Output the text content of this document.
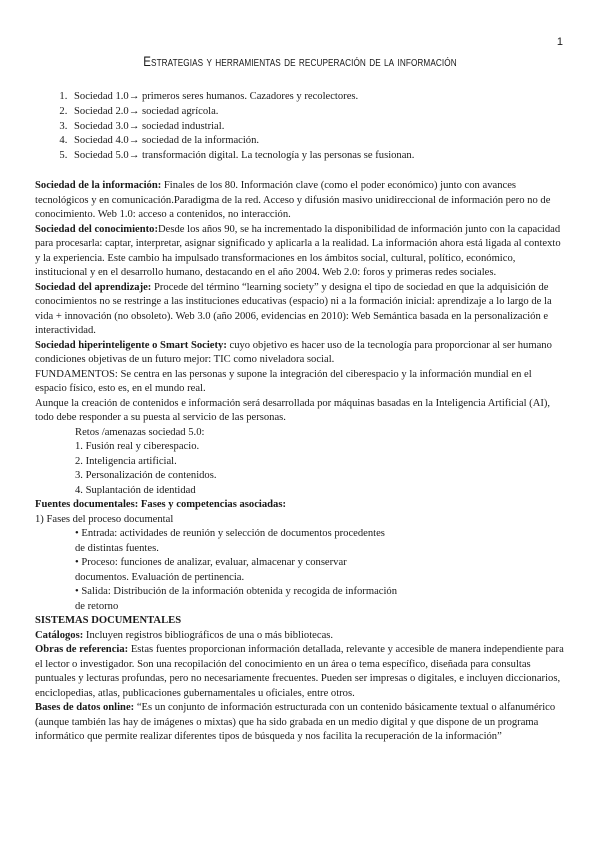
1
Estrategias y herramientas de recuperación de la información
1. Sociedad 1.0→ primeros seres humanos. Cazadores y recolectores.
2. Sociedad 2.0→ sociedad agrícola.
3. Sociedad 3.0→ sociedad industrial.
4. Sociedad 4.0→ sociedad de la información.
5. Sociedad 5.0→ transformación digital. La tecnología y las personas se fusionan.

Sociedad de la información: Finales de los 80. Información clave (como el poder económico) junto con avances tecnológicos y en comunicación.Paradigma de la red. Acceso y difusión masivo unidireccional de información pero no de conocimiento. Web 1.0: acceso a contenidos, no interacción.

Sociedad del conocimiento:Desde los años 90, se ha incrementado la disponibilidad de información junto con la capacidad para procesarla: captar, interpretar, asignar significado y aplicarla a la realidad. La información ahora está ligada al contexto y la experiencia. Este cambio ha impulsado transformaciones en los ámbitos social, cultural, político, económico, institucional y en el desarrollo humano, destacando en el año 2004. Web 2.0: foros y primeras redes sociales.

Sociedad del aprendizaje: Procede del término “learning society” y designa el tipo de sociedad en que la adquisición de conocimientos no se restringe a las instituciones educativas (espacio) ni a la formación inicial: aprendizaje a lo largo de la vida + innovación (no obsoleto). Web 3.0 (año 2006, evidencias en 2010): Web Semántica basada en la personalización e interactividad.

Sociedad hiperinteligente o Smart Society: cuyo objetivo es hacer uso de la tecnología para proporcionar al ser humano condiciones objetivas de un futuro mejor: TIC como niveladora social.

FUNDAMENTOS: Se centra en las personas y supone la integración del ciberespacio y la información mundial en el espacio físico, esto es, en el mundo real.

Aunque la creación de contenidos e información será desarrollada por máquinas basadas en la Inteligencia Artificial (AI), todo debe responder a su puesta al servicio de las personas.

Retos /amenazas sociedad 5.0:

1. Fusión real y ciberespacio.

2. Inteligencia artificial.

3. Personalización de contenidos.

4. Suplantación de identidad

Fuentes documentales: Fases y competencias asociadas:

1) Fases del proceso documental

• Entrada: actividades de reunión y selección de documentos procedentes

de distintas fuentes.

• Proceso: funciones de analizar, evaluar, almacenar y conservar

documentos. Evaluación de pertinencia.

• Salida: Distribución de la información obtenida y recogida de información

de retorno

SISTEMAS DOCUMENTALES

Catálogos: Incluyen registros bibliográficos de una o más bibliotecas.

Obras de referencia: Estas fuentes proporcionan información detallada, relevante y accesible de manera independiente para el lector o investigador. Son una recopilación del conocimiento en un área o tema específico, diseñada para consultas puntuales y lecturas profundas, pero no necesariamente frecuentes. Pueden ser impresas o digitales, e incluyen diccionarios, enciclopedias, atlas, publicaciones gubernamentales u oficiales, entre otros.

Bases de datos online: “Es un conjunto de información estructurada con un contenido básicamente textual o alfanumérico (aunque también las hay de imágenes o mixtas) que ha sido grabada en un medio digital y que dispone de un programa informático que permite realizar diferentes tipos de búsqueda y nos facilita la recuperación de la información”
